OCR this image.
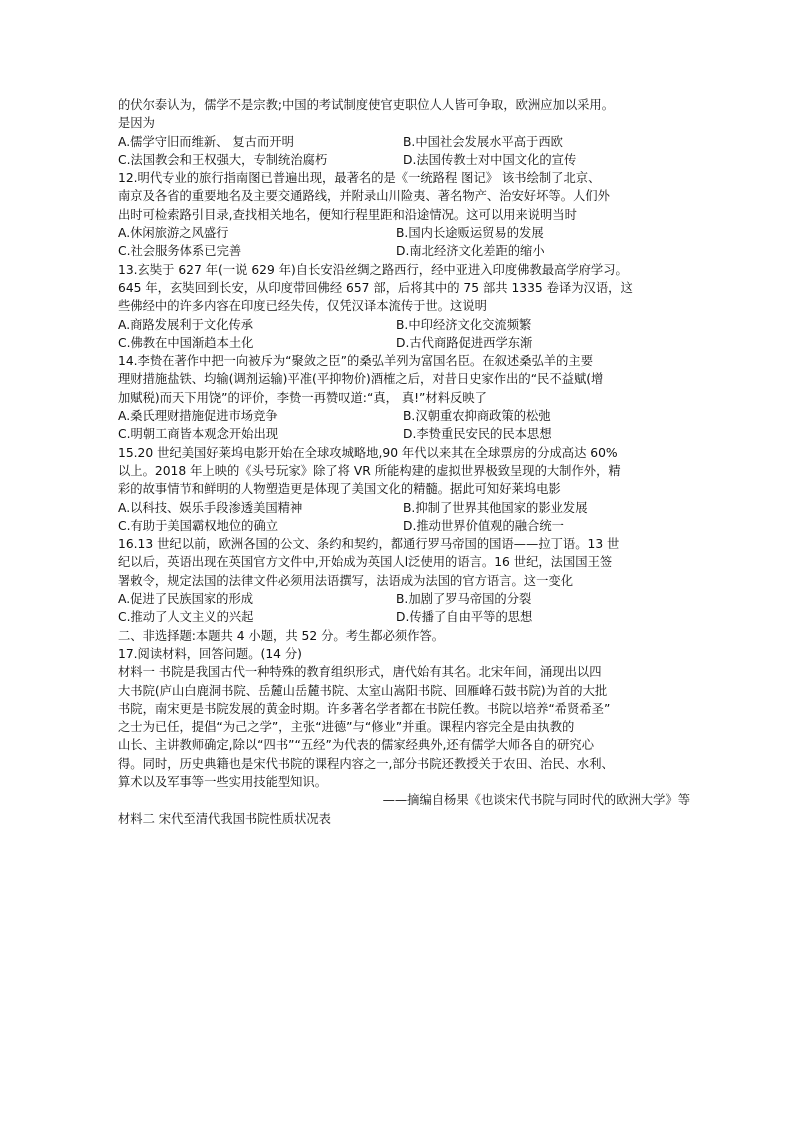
的伏尔泰认为，儒学不是宗教;中国的考试制度使官吏职位人人皆可争取，欧洲应加以采用。
是因为
A.儒学守旧而维新、 复古而开明	B.中国社会发展水平高于西欧
C.法国教会和王权强大，专制统治腐朽	D.法国传教士对中国文化的宣传
12.明代专业的旅行指南图已普遍出现，最著名的是《一统路程 图记》 该书绘制了北京、
南京及各省的重要地名及主要交通路线，并附录山川险夷、著名物产、治安好坏等。人们外
出时可检索路引目录,查找相关地名，便知行程里距和沿途情况。这可以用来说明当时
A.休闲旅游之风盛行	B.国内长途贩运贸易的发展
C.社会服务体系已完善	D.南北经济文化差距的缩小
13.玄奘于 627 年(一说 629 年)自长安沿丝绸之路西行，经中亚进入印度佛教最高学府学习。
645 年，玄奘回到长安，从印度带回佛经 657 部，后将其中的 75 部共 1335 卷译为汉语，这
些佛经中的许多内容在印度已经失传，仅凭汉译本流传于世。这说明
A.商路发展利于文化传承	B.中印经济文化交流频繁
C.佛教在中国渐趋本土化	D.古代商路促进西学东渐
14.李贽在著作中把一向被斥为“聚敛之臣”的桑弘羊列为富国名臣。在叙述桑弘羊的主要
理财措施盐铁、均输(调剂运输)平准(平抑物价)酒榷之后，对昔日史家作出的“民不益赋(增
加赋税)而天下用饶”的评价，李贽一再赞叹道:“真， 真!”材料反映了
A.桑氏理财措施促进市场竞争	B.汉朝重农抑商政策的松弛
C.明朝工商皆本观念开始出现	D.李贽重民安民的民本思想
15.20 世纪美国好莱坞电影开始在全球攻城略地,90 年代以来其在全球票房的分成高达 60%
以上。2018 年上映的《头号玩家》除了将 VR 所能构建的虚拟世界极致呈现的大制作外，精
彩的故事情节和鲜明的人物塑造更是体现了美国文化的精髓。据此可知好莱坞电影
A.以科技、娱乐手段渗透美国精神	B.抑制了世界其他国家的影业发展
C.有助于美国霸权地位的确立	D.推动世界价值观的融合统一
16.13 世纪以前，欧洲各国的公文、条约和契约，都通行罗马帝国的国语——拉丁语。13 世
纪以后，英语出现在英国官方文件中,开始成为英国人l泛使用的语言。16 世纪，法国国王签
署敕令，规定法国的法律文件必须用法语撰写，法语成为法国的官方语言。这一变化
A.促进了民族国家的形成	B.加剧了罗马帝国的分裂
C.推动了人文主义的兴起	D.传播了自由平等的思想
二、非选择题:本题共 4 小题，共 52 分。考生都必须作答。
17.阅读材料，回答问题。(14 分)
材料一 书院是我国古代一种特殊的教育组织形式，唐代始有其名。北宋年间，涌现出以四
大书院(庐山白鹿洞书院、岳麓山岳麓书院、太室山嵩阳书院、回雁峰石鼓书院)为首的大批
书院，南宋更是书院发展的黄金时期。许多著名学者都在书院任教。书院以培养“希贤希圣”
之士为已任，提倡“为己之学”，主张“进德”与“修业”并重。课程内容完全是由执教的
山长、主讲教师确定,除以“四书”“五经”为代表的儒家经典外,还有儒学大师各自的研究心
得。同时，历史典籍也是宋代书院的课程内容之一,部分书院还教授关于农田、治民、水利、
算术以及军事等一些实用技能型知识。
——摘编自杨果《也谈宋代书院与同时代的欧洲大学》等
材料二 宋代至清代我国书院性质状况表
